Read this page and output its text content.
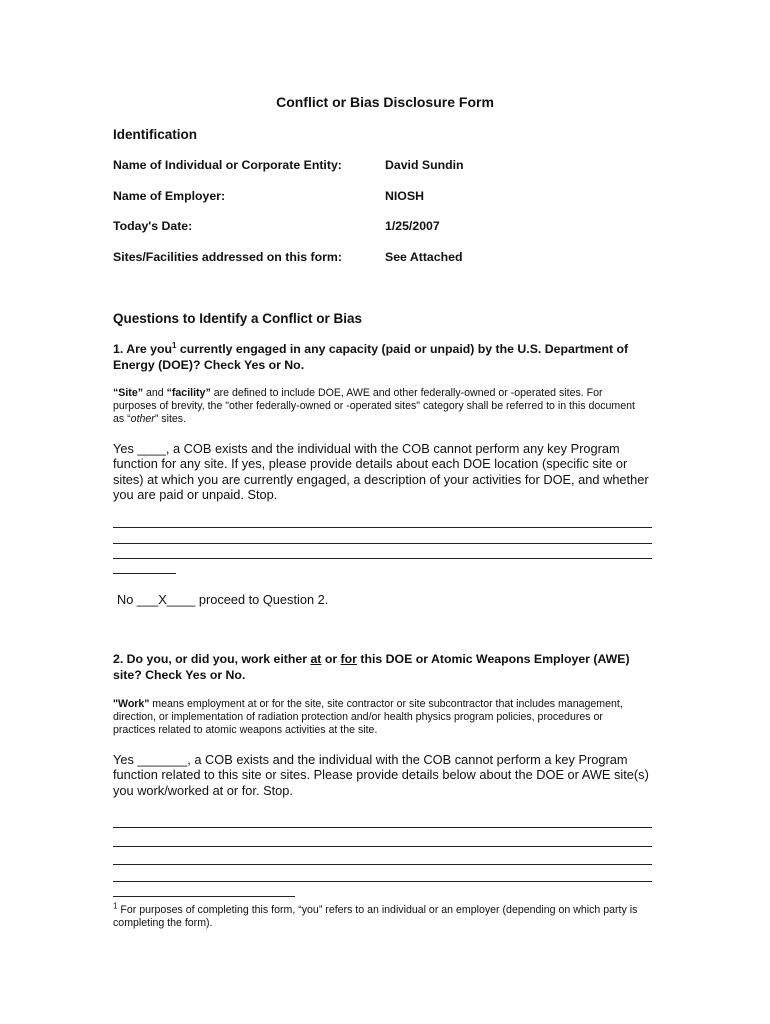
Conflict or Bias Disclosure Form
Identification
Name of Individual or Corporate Entity:	David Sundin
Name of Employer:	NIOSH
Today's Date:	1/25/2007
Sites/Facilities addressed on this form:	See Attached
Questions to Identify a Conflict or Bias
1. Are you$^1$ currently engaged in any capacity (paid or unpaid) by the U.S. Department of Energy (DOE)? Check Yes or No.
“Site” and “facility” are defined to include DOE, AWE and other federally-owned or -operated sites. For purposes of brevity, the "other federally-owned or -operated sites" category shall be referred to in this document as “other” sites.
Yes ____, a COB exists and the individual with the COB cannot perform any key Program function for any site. If yes, please provide details about each DOE location (specific site or sites) at which you are currently engaged, a description of your activities for DOE, and whether you are paid or unpaid. Stop.
No ___X____ proceed to Question 2.
2. Do you, or did you, work either at or for this DOE or Atomic Weapons Employer (AWE) site? Check Yes or No.
"Work" means employment at or for the site, site contractor or site subcontractor that includes management, direction, or implementation of radiation protection and/or health physics program policies, procedures or practices related to atomic weapons activities at the site.
Yes _______, a COB exists and the individual with the COB cannot perform a key Program function related to this site or sites. Please provide details below about the DOE or AWE site(s) you work/worked at or for. Stop.
$^1$ For purposes of completing this form, “you” refers to an individual or an employer (depending on which party is completing the form).
